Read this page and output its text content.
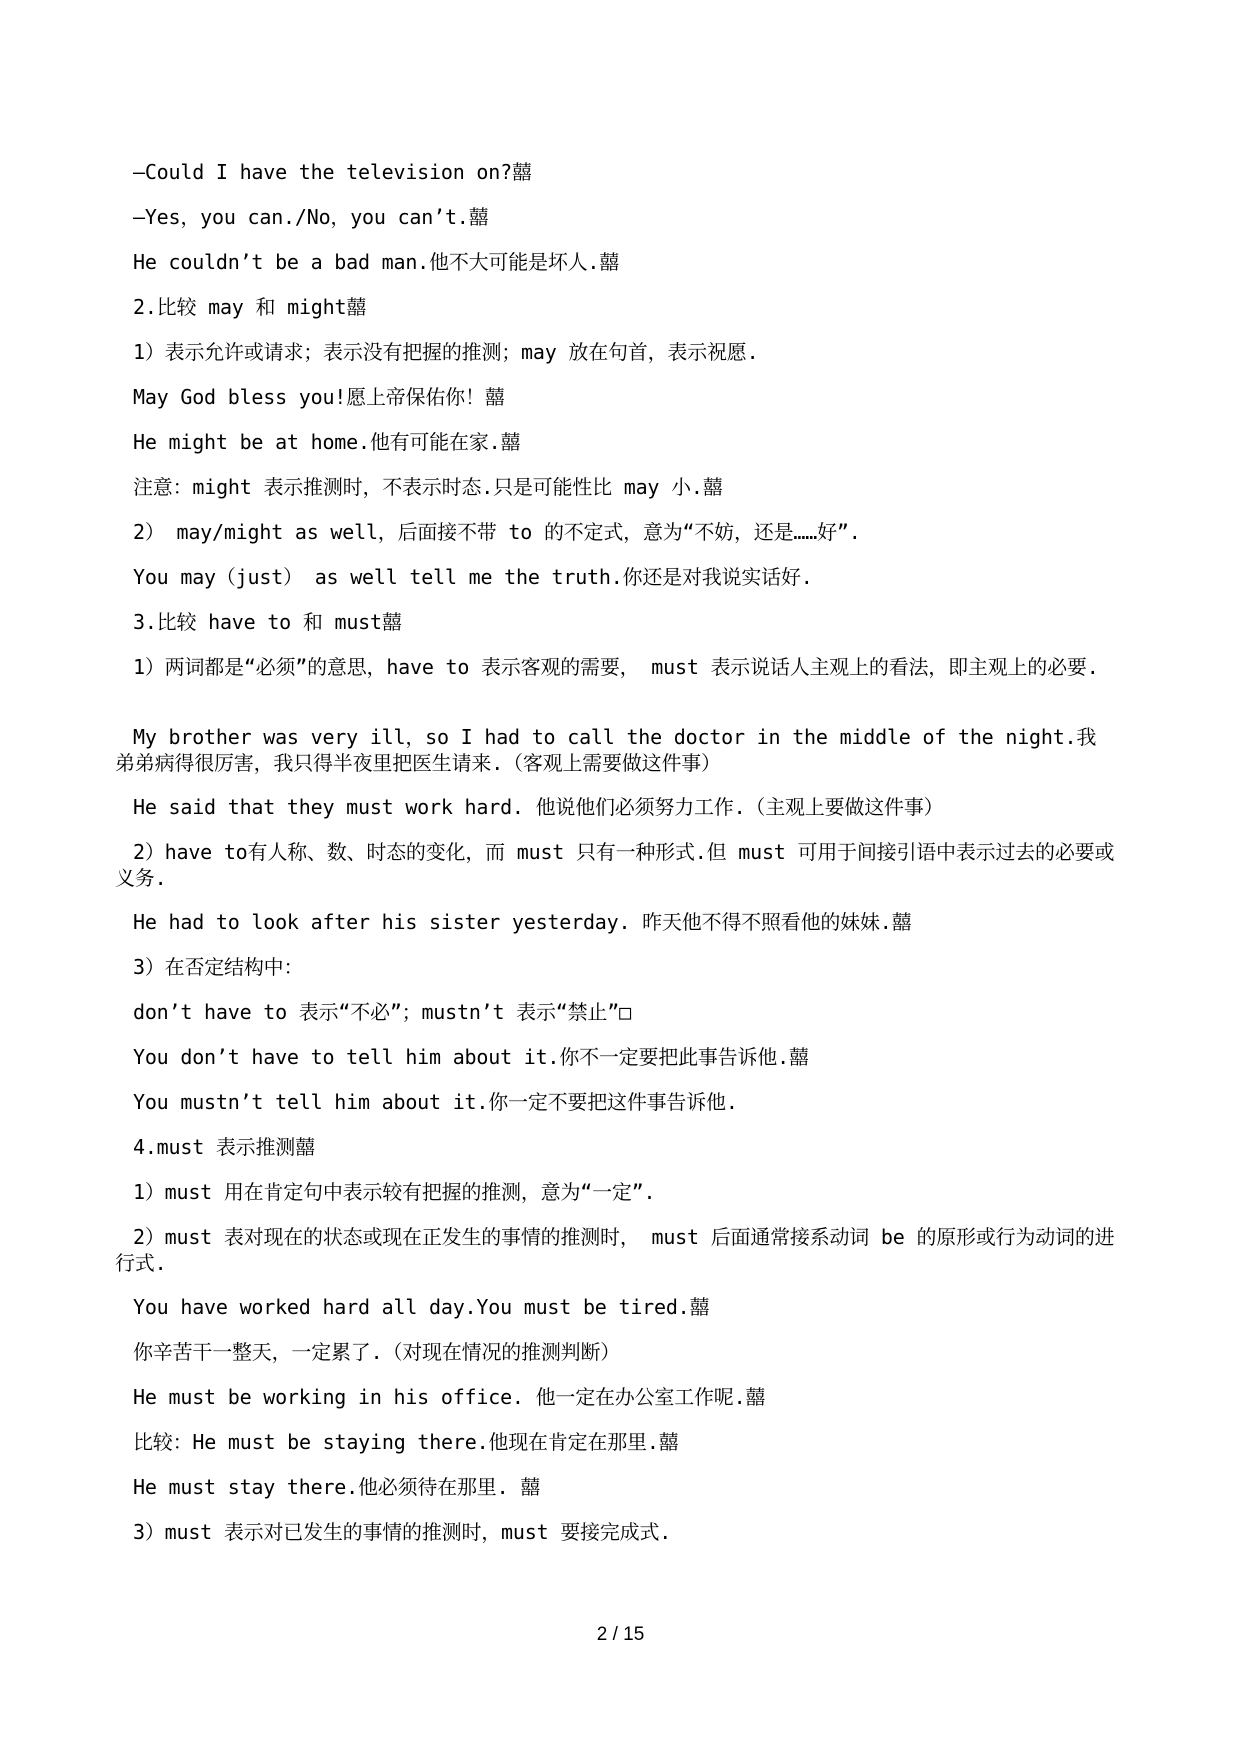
—Could I have the television on?囍
—Yes，you can./No，you can’t.囍
He couldn’t be a bad man.他不大可能是坏人.囍
2.比较 may 和 might囍
1）表示允许或请求；表示没有把握的推测；may 放在句首，表示祝愿.
May God bless you!愿上帝保佑你！囍
He might be at home.他有可能在家.囍
注意：might 表示推测时，不表示时态.只是可能性比 may 小.囍
2） may/might as well，后面接不带 to 的不定式，意为“不妨，还是……好”.
You may（just） as well tell me the truth.你还是对我说实话好.
3.比较 have to 和 must囍
1）两词都是“必须”的意思，have to 表示客观的需要， must 表示说话人主观上的看法，即主观上的必要.
My brother was very ill，so I had to call the doctor in the middle of the night.我弟弟病得很厉害，我只得半夜里把医生请来.（客观上需要做这件事）
He said that they must work hard. 他说他们必须努力工作.（主观上要做这件事）
2）have to有人称、数、时态的变化，而 must 只有一种形式.但 must 可用于间接引语中表示过去的必要或义务.
He had to look after his sister yesterday. 昨天他不得不照看他的妹妹.囍
3）在否定结构中：
don’t have to 表示“不必”；mustn’t 表示“禁止”□
You don’t have to tell him about it.你不一定要把此事告诉他.囍
You mustn’t tell him about it.你一定不要把这件事告诉他.
4.must 表示推测囍
1）must 用在肯定句中表示较有把握的推测，意为“一定”.
2）must 表对现在的状态或现在正发生的事情的推测时， must 后面通常接系动词 be 的原形或行为动词的进行式.
You have worked hard all day.You must be tired.囍
你辛苦干一整天，一定累了.（对现在情况的推测判断）
He must be working in his office. 他一定在办公室工作呢.囍
比较：He must be staying there.他现在肯定在那里.囍
He must stay there.他必须待在那里. 囍
3）must 表示对已发生的事情的推测时，must 要接完成式.
2 / 15
